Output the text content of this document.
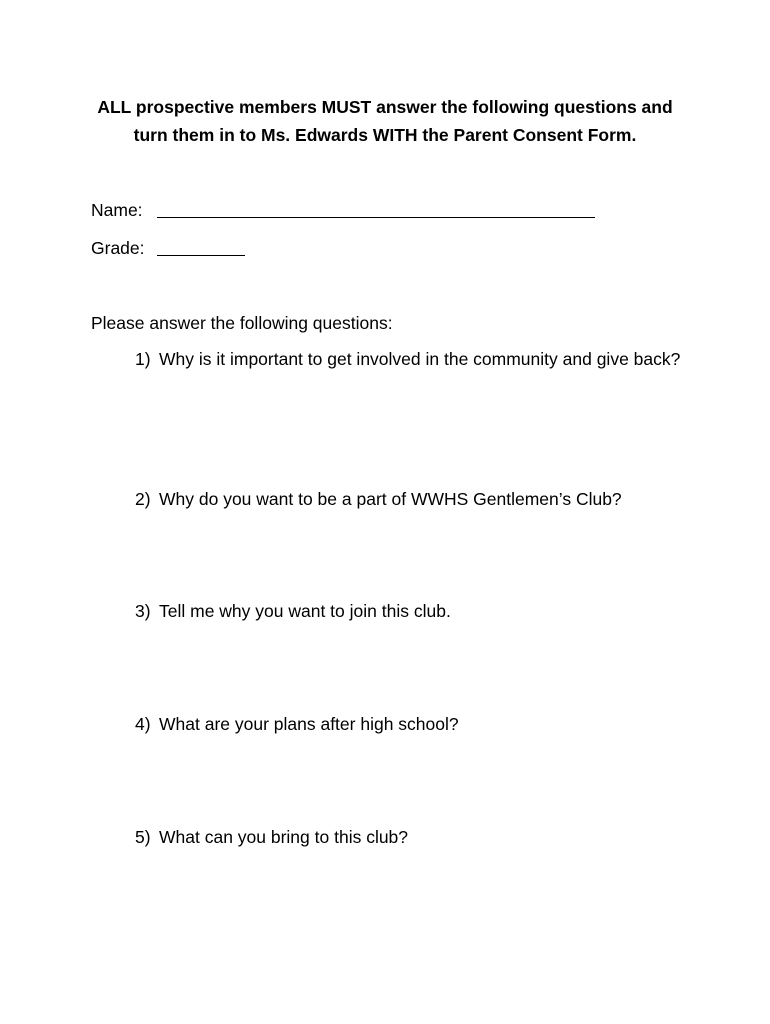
ALL prospective members MUST answer the following questions and
turn them in to Ms. Edwards WITH the Parent Consent Form.
Name:
Grade:
Please answer the following questions:
1) Why is it important to get involved in the community and give back?
2) Why do you want to be a part of WWHS Gentlemen’s Club?
3) Tell me why you want to join this club.
4) What are your plans after high school?
5) What can you bring to this club?
